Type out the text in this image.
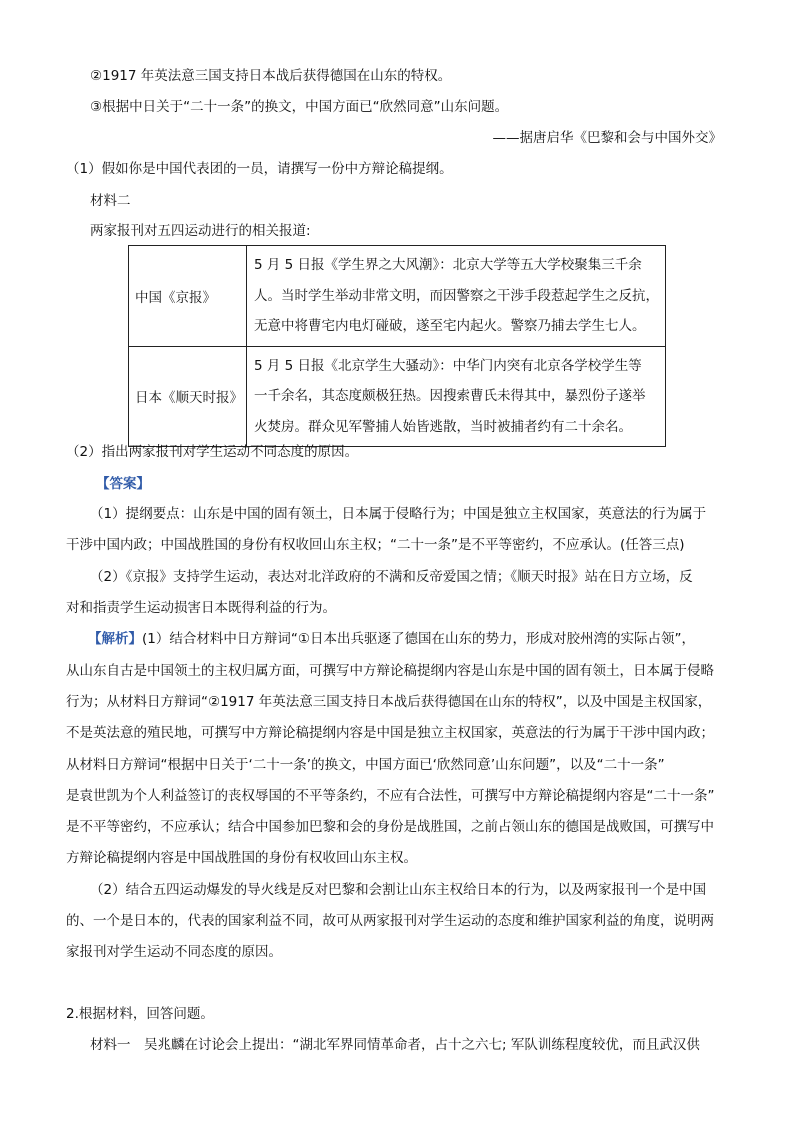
②1917 年英法意三国支持日本战后获得德国在山东的特权。
③根据中日关于“二十一条”的换文，中国方面已“欣然同意”山东问题。
——据唐启华《巴黎和会与中国外交》
（1）假如你是中国代表团的一员，请撰写一份中方辩论稿提纲。
材料二
两家报刊对五四运动进行的相关报道:
中国《京报》	5 月 5 日报《学生界之大风潮》：北京大学等五大学校聚集三千余
人。当时学生举动非常文明，而因警察之干涉手段惹起学生之反抗，
无意中将曹宅内电灯碰破，遂至宅内起火。警察乃捕去学生七人。

日本《顺天时报》	5 月 5 日报《北京学生大骚动》：中华门内突有北京各学校学生等
一千余名，其态度颇极狂热。因搜索曹氏未得其中，暴烈份子遂举
火焚房。群众见军警捕人始皆逃散，当时被捕者约有二十余名。
（2）指出两家报刊对学生运动不同态度的原因。
【答案】
（1）提纲要点：山东是中国的固有领土，日本属于侵略行为；中国是独立主权国家，英意法的行为属于
干涉中国内政；中国战胜国的身份有权收回山东主权；“二十一条”是不平等密约，不应承认。(任答三点)
（2）《京报》支持学生运动，表达对北洋政府的不满和反帝爱国之情；《顺天时报》站在日方立场，反
对和指责学生运动损害日本既得利益的行为。
【解析】(1）结合材料中日方辩词“①日本出兵驱逐了德国在山东的势力，形成对胶州湾的实际占领”，
从山东自古是中国领土的主权归属方面，可撰写中方辩论稿提纲内容是山东是中国的固有领土，日本属于侵略
行为；从材料日方辩词“②1917 年英法意三国支持日本战后获得德国在山东的特权”，以及中国是主权国家，
不是英法意的殖民地，可撰写中方辩论稿提纲内容是中国是独立主权国家，英意法的行为属于干涉中国内政；
从材料日方辩词“根据中日关于‘二十一条’的换文，中国方面已‘欣然同意’山东问题”，以及“二十一条”
是袁世凯为个人利益签订的丧权辱国的不平等条约，不应有合法性，可撰写中方辩论稿提纲内容是“二十一条”
是不平等密约，不应承认；结合中国参加巴黎和会的身份是战胜国，之前占领山东的德国是战败国，可撰写中
方辩论稿提纲内容是中国战胜国的身份有权收回山东主权。
（2）结合五四运动爆发的导火线是反对巴黎和会割让山东主权给日本的行为，以及两家报刊一个是中国
的、一个是日本的，代表的国家利益不同，故可从两家报刊对学生运动的态度和维护国家利益的角度，说明两
家报刊对学生运动不同态度的原因。
2.根据材料，回答问题。
材料一　吴兆麟在讨论会上提出：“湖北军界同情革命者，占十之六七; 军队训练程度较优，而且武汉供
